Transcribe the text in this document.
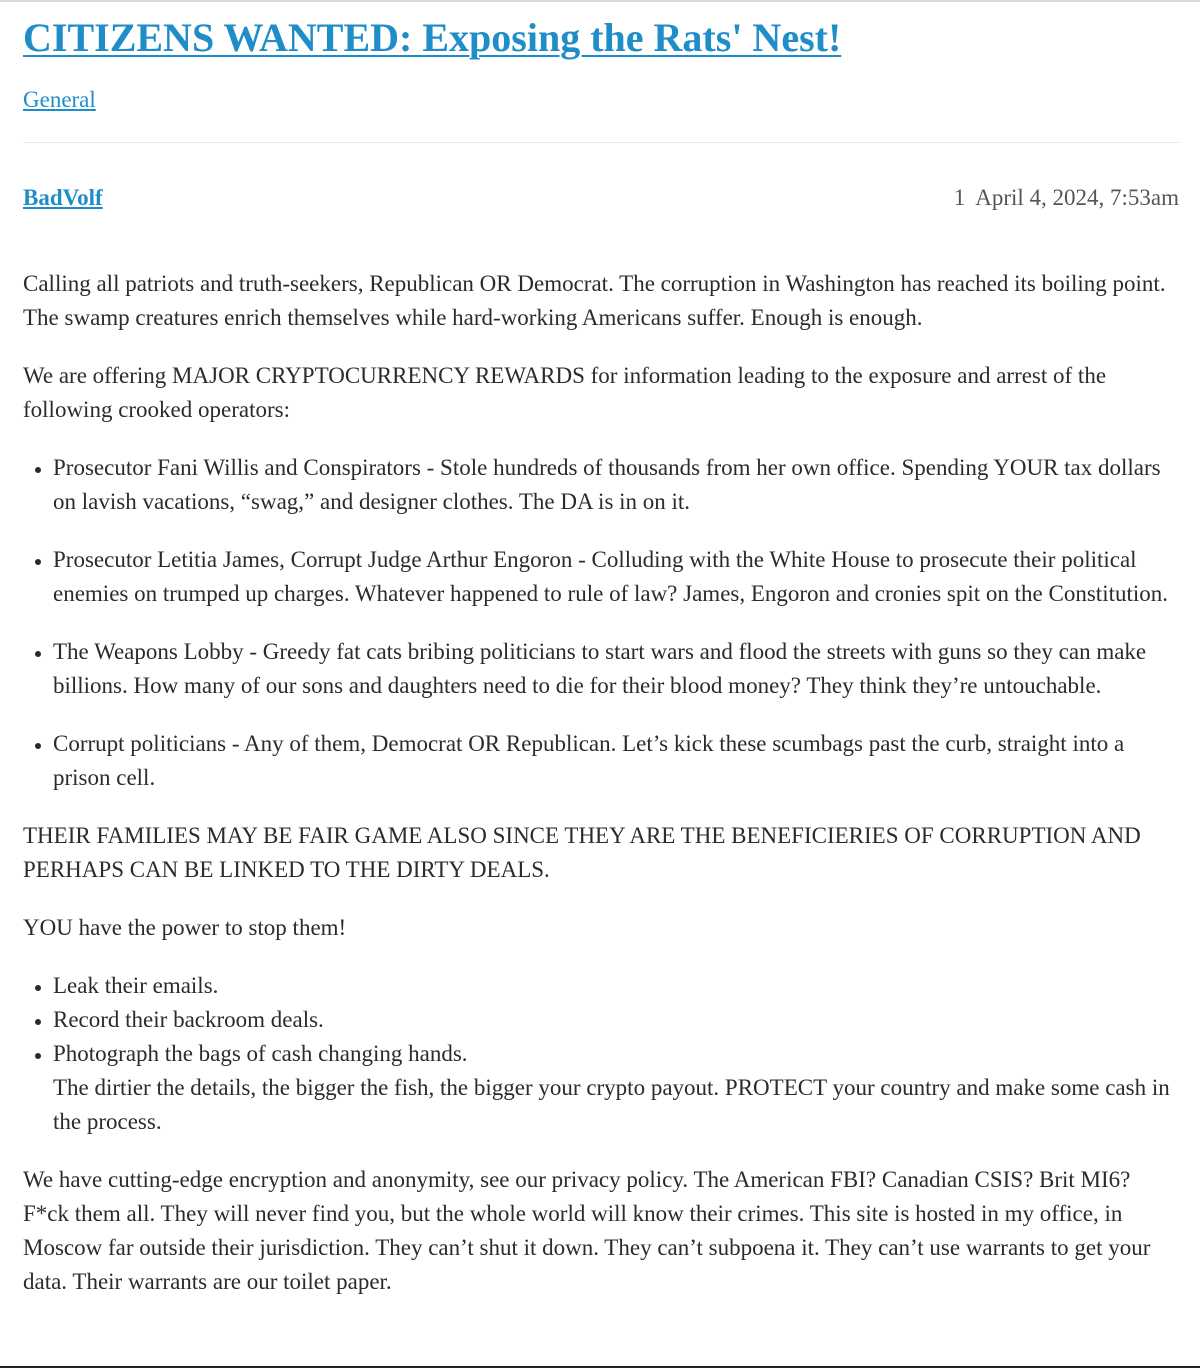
CITIZENS WANTED: Exposing the Rats' Nest!
General
BadVolf	1 April 4, 2024, 7:53am

Calling all patriots and truth-seekers, Republican OR Democrat. The corruption in Washington has reached its boiling point. The swamp creatures enrich themselves while hard-working Americans suffer. Enough is enough.

We are offering MAJOR CRYPTOCURRENCY REWARDS for information leading to the exposure and arrest of the following crooked operators:

• Prosecutor Fani Willis and Conspirators - Stole hundreds of thousands from her own office. Spending YOUR tax dollars on lavish vacations, “swag,” and designer clothes. The DA is in on it.
• Prosecutor Letitia James, Corrupt Judge Arthur Engoron - Colluding with the White House to prosecute their political enemies on trumped up charges. Whatever happened to rule of law? James, Engoron and cronies spit on the Constitution.
• The Weapons Lobby - Greedy fat cats bribing politicians to start wars and flood the streets with guns so they can make billions. How many of our sons and daughters need to die for their blood money? They think they’re untouchable.
• Corrupt politicians - Any of them, Democrat OR Republican. Let’s kick these scumbags past the curb, straight into a prison cell.

THEIR FAMILIES MAY BE FAIR GAME ALSO SINCE THEY ARE THE BENEFICIERIES OF CORRUPTION AND PERHAPS CAN BE LINKED TO THE DIRTY DEALS.

YOU have the power to stop them!

• Leak their emails.
• Record their backroom deals.
• Photograph the bags of cash changing hands.
The dirtier the details, the bigger the fish, the bigger your crypto payout. PROTECT your country and make some cash in the process.

We have cutting-edge encryption and anonymity, see our privacy policy. The American FBI? Canadian CSIS? Brit MI6? F*ck them all. They will never find you, but the whole world will know their crimes. This site is hosted in my office, in Moscow far outside their jurisdiction. They can’t shut it down. They can’t subpoena it. They can’t use warrants to get your data. Their warrants are our toilet paper.
